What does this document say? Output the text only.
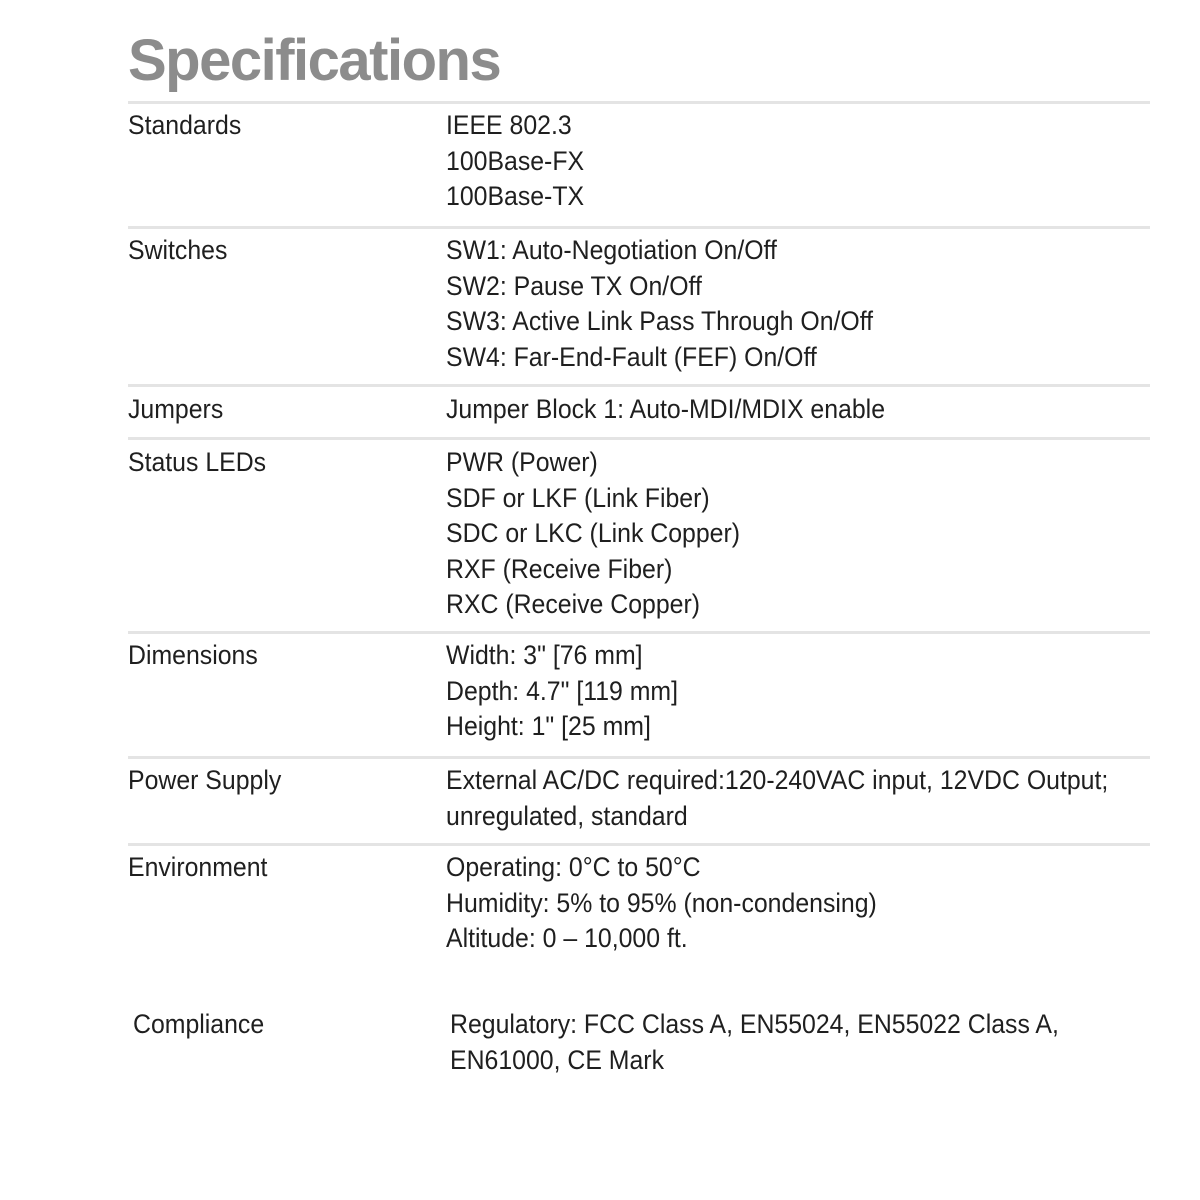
Specifications
Standards	IEEE 802.3
100Base-FX
100Base-TX
Switches	SW1: Auto-Negotiation On/Off
SW2: Pause TX On/Off
SW3: Active Link Pass Through On/Off
SW4: Far-End-Fault (FEF) On/Off
Jumpers	Jumper Block 1: Auto-MDI/MDIX enable
Status LEDs	PWR (Power)
SDF or LKF (Link Fiber)
SDC or LKC (Link Copper)
RXF (Receive Fiber)
RXC (Receive Copper)
Dimensions	Width: 3" [76 mm]
Depth: 4.7" [119 mm]
Height: 1" [25 mm]
Power Supply	External AC/DC required:120-240VAC input, 12VDC Output;
unregulated, standard
Environment	Operating: 0°C to 50°C
Humidity: 5% to 95% (non-condensing)
Altitude: 0 – 10,000 ft.
Compliance	Regulatory: FCC Class A, EN55024, EN55022 Class A,
EN61000, CE Mark
